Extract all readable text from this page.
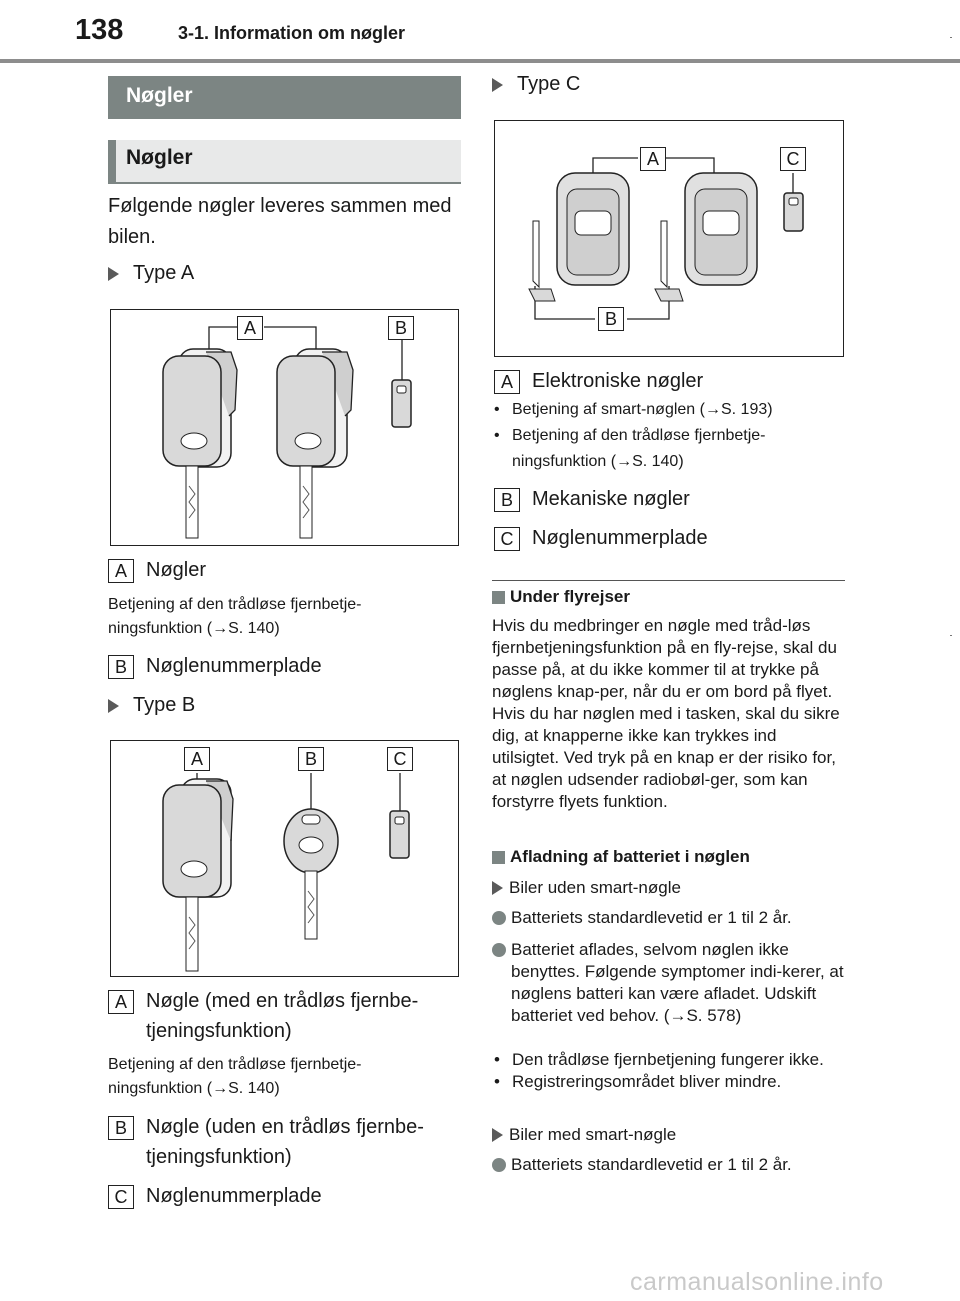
138	3-1. Information om nøgler
Nøgler
Nøgler
Følgende nøgler leveres sammen med bilen.
Type A
A	B
A Nøgler
Betjening af den trådløse fjernbetje-ningsfunktion (→S. 140)
B Nøglenummerplade
Type B
A	B	C
A Nøgle (med en trådløs fjernbe-tjeningsfunktion)
Betjening af den trådløse fjernbetje-ningsfunktion (→S. 140)
B Nøgle (uden en trådløs fjernbe-tjeningsfunktion)
C Nøglenummerplade
Type C
A
B
C
A Elektroniske nøgler
• Betjening af smart-nøglen (→S. 193)
• Betjening af den trådløse fjernbetje-ningsfunktion (→S. 140)
B Mekaniske nøgler
C Nøglenummerplade
Under flyrejser
Hvis du medbringer en nøgle med tråd-løs fjernbetjeningsfunktion på en fly-rejse, skal du passe på, at du ikke kommer til at trykke på nøglens knap-per, når du er om bord på flyet. Hvis du har nøglen med i tasken, skal du sikre dig, at knapperne ikke kan trykkes ind utilsigtet. Ved tryk på en knap er der risiko for, at nøglen udsender radiobøl-ger, som kan forstyrre flyets funktion.
Afladning af batteriet i nøglen
Biler uden smart-nøgle
Batteriets standardlevetid er 1 til 2 år.
Batteriet aflades, selvom nøglen ikke benyttes. Følgende symptomer indi-kerer, at nøglens batteri kan være afladet. Udskift batteriet ved behov. (→S. 578)
• Den trådløse fjernbetjening fungerer ikke.
• Registreringsområdet bliver mindre.
Biler med smart-nøgle
Batteriets standardlevetid er 1 til 2 år.
carmanualsonline.info
